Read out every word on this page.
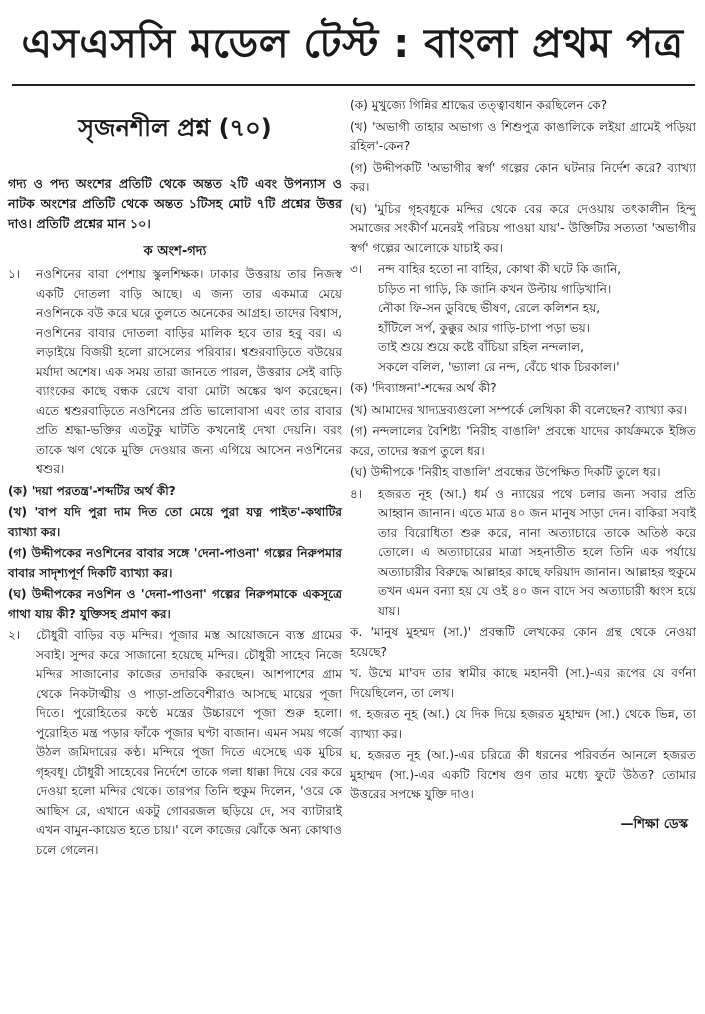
এসএসসি মডেল টেস্ট : বাংলা প্রথম পত্র
সৃজনশীল প্রশ্ন (৭০)
গদ্য ও পদ্য অংশের প্রতিটি থেকে অন্তত ২টি এবং উপন্যাস ও নাটক অংশের প্রতিটি থেকে অন্তত ১টিসহ মোট ৭টি প্রশ্নের উত্তর দাও। প্রতিটি প্রশ্নের মান ১০।
ক অংশ-গদ্য
১।	নওশিনের বাবা পেশায় স্কুলশিক্ষক। ঢাকার উত্তরায় তার নিজস্ব একটি দোতলা বাড়ি আছে। এ জন্য তার একমাত্র মেয়ে নওশিনকে বউ করে ঘরে তুলতে অনেকের আগ্রহ। তাদের বিশ্বাস, নওশিনের বাবার দোতলা বাড়ির মালিক হবে তার হবু বর। এ লড়াইয়ে বিজয়ী হলো রাসেলের পরিবার। শ্বশুরবাড়িতে বউয়ের মর্যাদা অশেষ। এক সময় তারা জানতে পারল, উত্তরার সেই বাড়ি ব্যাংকের কাছে বন্ধক রেখে বাবা মোটা অঙ্কের ঋণ করেছেন। এতে শ্বশুরবাড়িতে নওশিনের প্রতি ভালোবাসা এবং তার বাবার প্রতি শ্রদ্ধা-ভক্তির এতটুকু ঘাটতি কখনোই দেখা দেয়নি। বরং তাকে ঋণ থেকে মুক্তি দেওয়ার জন্য এগিয়ে আসেন নওশিনের শ্বশুর।
(ক) 'দয়া পরতন্ত্র'-শব্দটির অর্থ কী?
(খ) 'বাপ যদি পুরা দাম দিত তো মেয়ে পুরা যত্ন পাইত'-কথাটির ব্যাখ্যা কর।
(গ) উদ্দীপকের নওশিনের বাবার সঙ্গে 'দেনা-পাওনা' গল্পের নিরুপমার বাবার সাদৃশ্যপূর্ণ দিকটি ব্যাখ্যা কর।
(ঘ) উদ্দীপকের নওশিন ও 'দেনা-পাওনা' গল্পের নিরুপমাকে একসূত্রে গাথা যায় কী? যুক্তিসহ প্রমাণ কর।
২।	চৌধুরী বাড়ির বড় মন্দির। পূজার মস্ত আয়োজনে ব্যস্ত গ্রামের সবাই। সুন্দর করে সাজানো হয়েছে মন্দির। চৌধুরী সাহেব নিজে মন্দির সাজানোর কাজের তদারকি করছেন। আশপাশের গ্রাম থেকে নিকটাত্মীয় ও পাড়া-প্রতিবেশীরাও আসছে মায়ের পূজা দিতে। পুরোহিতের কণ্ঠে মন্ত্রের উচ্চারণে পূজা শুরু হলো। পুরোহিত মন্ত্র পড়ার ফাঁকে পূজার ঘণ্টা বাজান। এমন সময় গর্জে উঠল জমিদারের কণ্ঠ। মন্দিরে পূজা দিতে এসেছে এক মুচির গৃহবধূ। চৌধুরী সাহেবের নির্দেশে তাকে গলা ধাক্কা দিয়ে বের করে দেওয়া হলো মন্দির থেকে। তারপর তিনি হুকুম দিলেন, 'ওরে কে আছিস রে, এখানে একটু গোবরজল ছড়িয়ে দে, সব ব্যাটারাই এখন বামুন-কায়েত হতে চায়।' বলে কাজের ঝোঁকে অন্য কোথাও চলে গেলেন।
(ক) মুখুজ্যে গিন্নির শ্রাদ্ধের তত্ত্বাবধান করছিলেন কে?
(খ) 'অভাগী তাহার অভাগ্য ও শিশুপুত্র কাঙালিকে লইয়া গ্রামেই পড়িয়া রহিল'-কেন?
(গ) উদ্দীপকটি 'অভাগীর স্বর্গ' গল্পের কোন ঘটনার নির্দেশ করে? ব্যাখ্যা কর।
(ঘ) 'মুচির গৃহবধূকে মন্দির থেকে বের করে দেওয়ায় তৎকালীন হিন্দু সমাজের সংকীর্ণ মনেরই পরিচয় পাওয়া যায়'- উক্তিটির সত্যতা 'অভাগীর স্বর্গ' গল্পের আলোকে যাচাই কর।
৩।	নন্দ বাহির হতো না বাহির, কোথা কী ঘটে কি জানি,
চড়িত না গাড়ি, কি জানি কখন উল্টায় গাড়িখানি।
নৌকা ফি-সন ডুবিছে ভীষণ, রেলে কলিশন হয়,
হাঁটিলে সর্প, কুক্কুর আর গাড়ি-চাপা পড়া ভয়।
তাই শুয়ে শুয়ে কষ্টে বাঁচিয়া রহিল নন্দলাল,
সকলে বলিল, 'ভ্যালা রে নন্দ, বেঁচে থাক চিরকাল।'
(ক) 'দিব্যাঙ্গনা'-শব্দের অর্থ কী?
(খ) আমাদের খাদ্যদ্রব্যগুলো সম্পর্কে লেখিকা কী বলেছেন? ব্যাখ্যা কর।
(গ) নন্দলালের বৈশিষ্ট্য 'নিরীহ বাঙালি' প্রবন্ধে যাদের কার্যক্রমকে ইঙ্গিত করে, তাদের স্বরূপ তুলে ধর।
(ঘ) উদ্দীপকে 'নিরীহ বাঙালি' প্রবন্ধের উপেক্ষিত দিকটি তুলে ধর।
৪।	হজরত নূহ (আ.) ধর্ম ও ন্যায়ের পথে চলার জন্য সবার প্রতি আহ্বান জানান। এতে মাত্র ৪০ জন মানুষ সাড়া দেন। বাকিরা সবাই তার বিরোধিতা শুরু করে, নানা অত্যাচারে তাকে অতিষ্ঠ করে তোলে। এ অত্যাচারের মাত্রা সহনাতীত হলে তিনি এক পর্যায়ে অত্যাচারীর বিরুদ্ধে আল্লাহর কাছে ফরিয়াদ জানান। আল্লাহর হুকুমে তখন এমন বন্যা হয় যে ওই ৪০ জন বাদে সব অত্যাচারী ধ্বংস হয়ে যায়।
ক. 'মানুষ মুহম্মদ (সা.)' প্রবন্ধটি লেখকের কোন গ্রন্থ থেকে নেওয়া হয়েছে?
খ. উম্মে মা'বদ তার স্বামীর কাছে মহানবী (সা.)-এর রূপের যে বর্ণনা দিয়েছিলেন, তা লেখ।
গ. হজরত নূহ (আ.) যে দিক দিয়ে হজরত মুহাম্মদ (সা.) থেকে ভিন্ন, তা ব্যাখ্যা কর।
ঘ. হজরত নূহ (আ.)-এর চরিত্রে কী ধরনের পরিবর্তন আনলে হজরত মুহাম্মদ (সা.)-এর একটি বিশেষ গুণ তার মধ্যে ফুটে উঠত? তোমার উত্তরের সপক্ষে যুক্তি দাও।
—শিক্ষা ডেস্ক
